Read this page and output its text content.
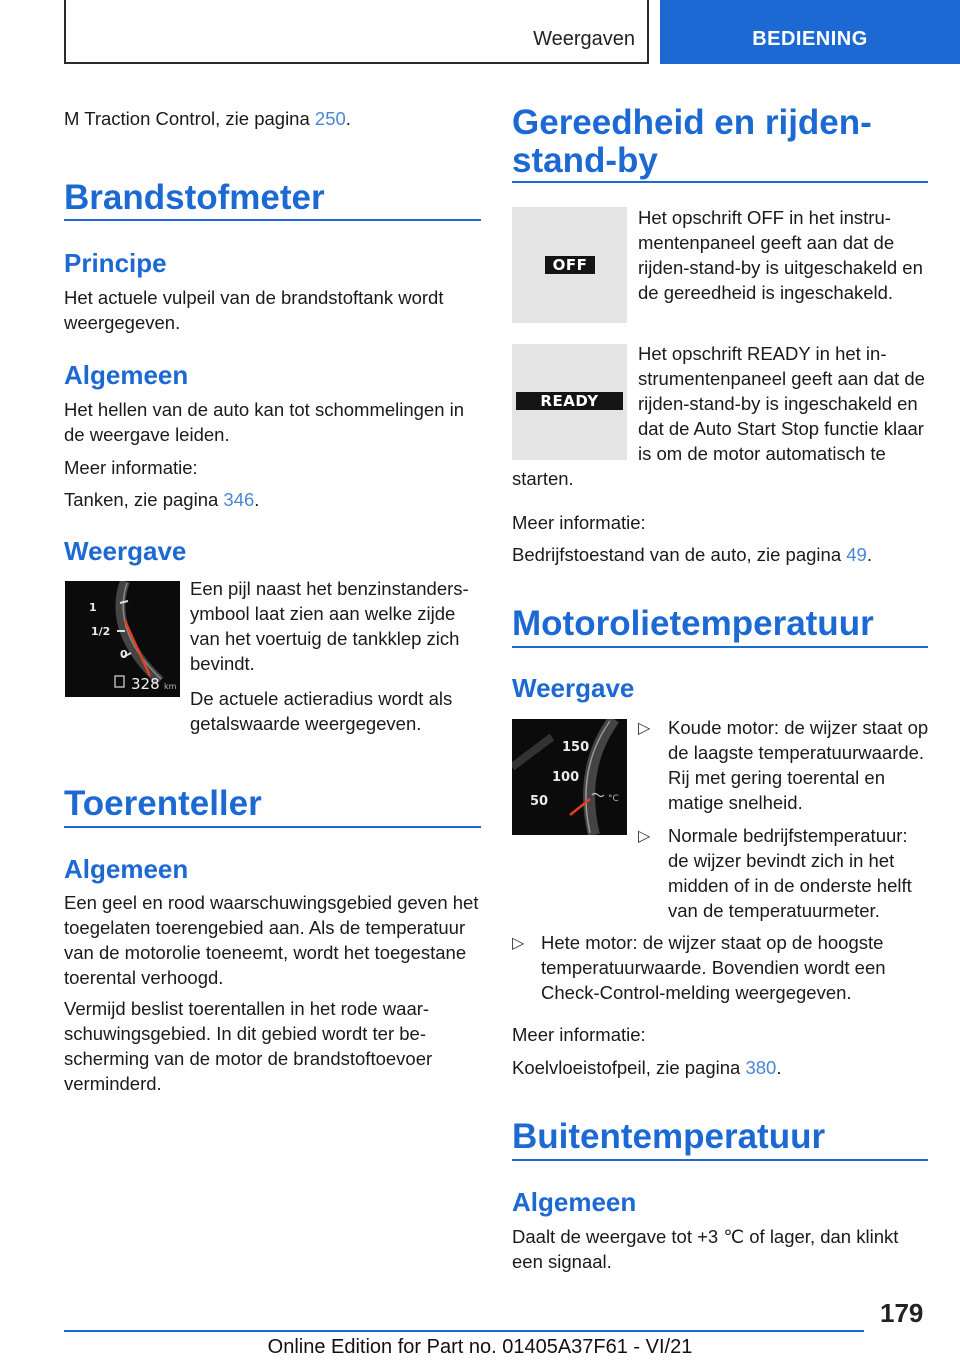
Weergaven	BEDIENING

M Traction Control, zie pagina 250.

Brandstofmeter
Principe

Het actuele vulpeil van de brandstoftank wordt weergegeven.

Algemeen

Het hellen van de auto kan tot schommelingen in de weergave leiden.

Meer informatie:

Tanken, zie pagina 346.

Weergave
1
1/2
0
328 km

Een pijl naast het benzinstandersymbool laat zien aan welke zijde van het voertuig de tankklep zich bevindt.

De actuele actieradius wordt als getalswaarde weergegeven.

Toerenteller
Algemeen

Een geel en rood waarschuwingsgebied geven het toegelaten toerengebied aan. Als de temperatuur van de motorolie toeneemt, wordt het toegestane toerental verhoogd.

Vermijd beslist toerentallen in het rode waarschuwingsgebied. In dit gebied wordt ter bescherming van de motor de brandstoftoevoer verminderd.

Gereedheid en rijden-stand-by
OFF

Het opschrift OFF in het instrumentenpaneel geeft aan dat de rijden-stand-by is uitgeschakeld en de gereedheid is ingeschakeld.

READY

Het opschrift READY in het instrumentenpaneel geeft aan dat de rijden-stand-by is ingeschakeld en dat de Auto Start Stop functie klaar is om de motor automatisch te starten.

Meer informatie:

Bedrijfstoestand van de auto, zie pagina 49.

Motorolietemperatuur
Weergave
150
100
50	°C
▷ Koude motor: de wijzer staat op de laagste temperatuurwaarde. Rij met gering toerental en matige snelheid.

▷ Normale bedrijfstemperatuur: de wijzer bevindt zich in het midden of in de onderste helft van de temperatuurmeter.

▷ Hete motor: de wijzer staat op de hoogste temperatuurwaarde. Bovendien wordt een Check-Control-melding weergegeven.

Meer informatie:

Koelvloeistofpeil, zie pagina 380.

Buitentemperatuur
Algemeen

Daalt de weergave tot +3 ℃ of lager, dan klinkt een signaal.

179
Online Edition for Part no. 01405A37F61 - VI/21
